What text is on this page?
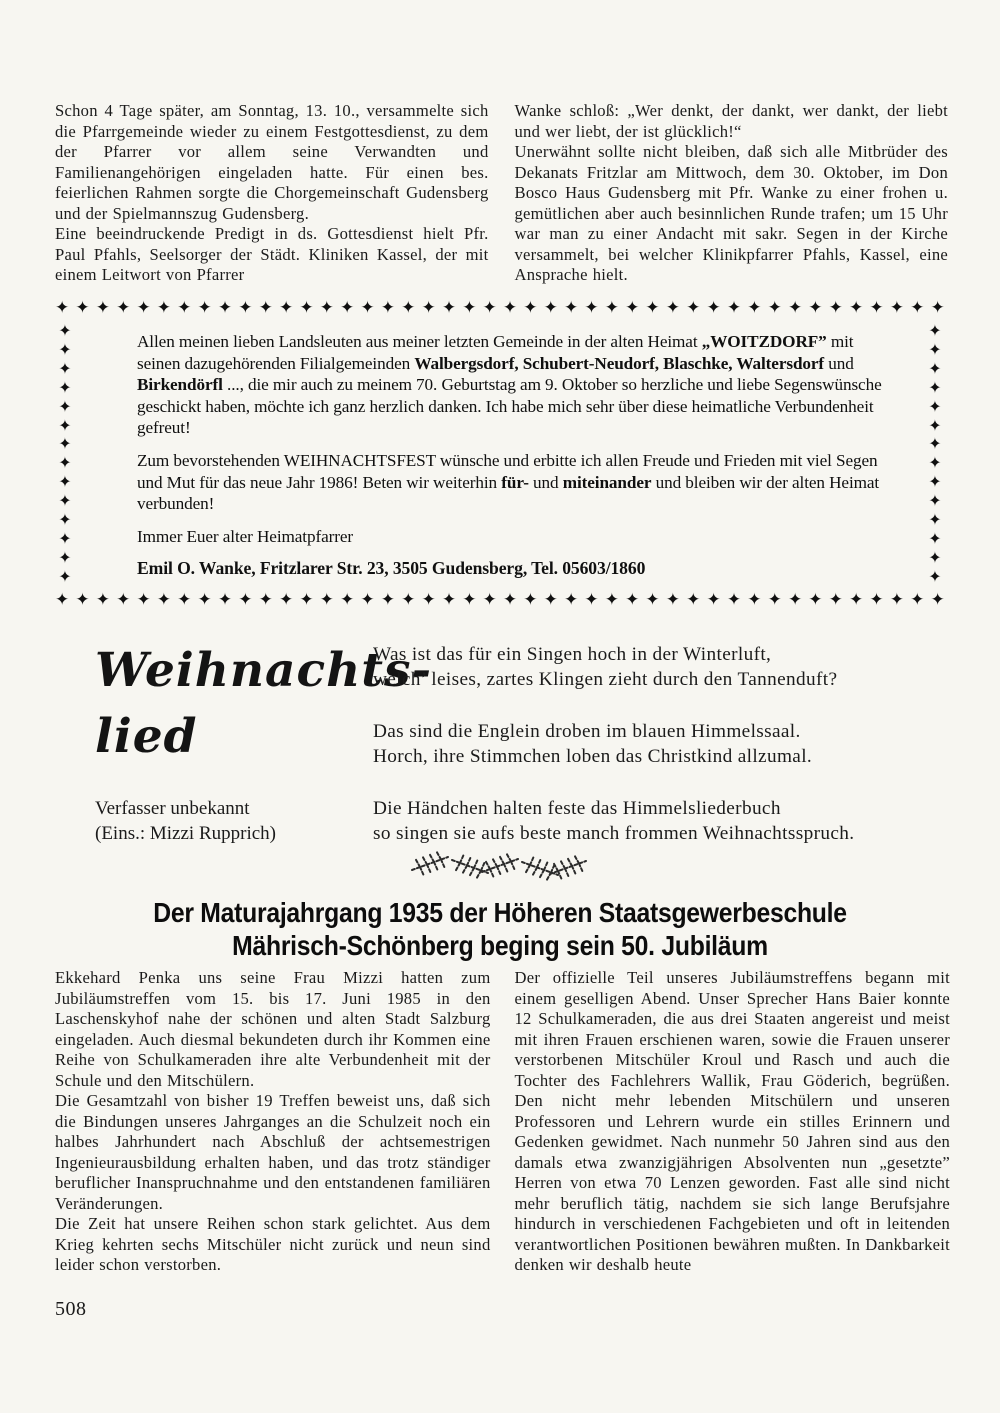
Schon 4 Tage später, am Sonntag, 13. 10., versammelte sich die Pfarrgemeinde wieder zu einem Festgottesdienst, zu dem der Pfarrer vor allem seine Verwandten und Familienangehörigen eingeladen hatte. Für einen bes. feierlichen Rahmen sorgte die Chorgemeinschaft Gudensberg und der Spielmannszug Gudensberg.

Eine beeindruckende Predigt in ds. Gottesdienst hielt Pfr. Paul Pfahls, Seelsorger der Städt. Kliniken Kassel, der mit einem Leitwort von Pfarrer

Wanke schloß: „Wer denkt, der dankt, wer dankt, der liebt und wer liebt, der ist glücklich!“

Unerwähnt sollte nicht bleiben, daß sich alle Mitbrüder des Dekanats Fritzlar am Mittwoch, dem 30. Oktober, im Don Bosco Haus Gudensberg mit Pfr. Wanke zu einer frohen u. gemütlichen aber auch besinnlichen Runde trafen; um 15 Uhr war man zu einer Andacht mit sakr. Segen in der Kirche versammelt, bei welcher Klinikpfarrer Pfahls, Kassel, eine Ansprache hielt.

✦ ✦ ✦ ✦ ✦ ✦ ✦ ✦ ✦ ✦ ✦ ✦ ✦ ✦ ✦ ✦ ✦ ✦ ✦ ✦ ✦ ✦ ✦ ✦ ✦ ✦ ✦ ✦ ✦ ✦ ✦ ✦ ✦ ✦ ✦ ✦ ✦ ✦ ✦ ✦ ✦ ✦ ✦ ✦
✦
✦
✦
✦
✦
✦
✦
✦
✦
✦
✦
✦
✦
✦

Allen meinen lieben Landsleuten aus meiner letzten Gemeinde in der alten Heimat „WOITZDORF” mit seinen dazugehörenden Filialgemeinden Walbergsdorf, Schubert-Neudorf, Blaschke, Waltersdorf und Birkendörfl ..., die mir auch zu meinem 70. Geburtstag am 9. Oktober so herzliche und liebe Segenswünsche geschickt haben, möchte ich ganz herzlich danken. Ich habe mich sehr über diese heimatliche Verbundenheit gefreut!

Zum bevorstehenden WEIHNACHTSFEST wünsche und erbitte ich allen Freude und Frieden mit viel Segen und Mut für das neue Jahr 1986! Beten wir weiterhin für- und miteinander und bleiben wir der alten Heimat verbunden!

Immer Euer alter Heimatpfarrer

Emil O. Wanke, Fritzlarer Str. 23, 3505 Gudensberg, Tel. 05603/1860

✦
✦
✦
✦
✦
✦
✦
✦
✦
✦
✦
✦
✦
✦
✦ ✦ ✦ ✦ ✦ ✦ ✦ ✦ ✦ ✦ ✦ ✦ ✦ ✦ ✦ ✦ ✦ ✦ ✦ ✦ ✦ ✦ ✦ ✦ ✦ ✦ ✦ ✦ ✦ ✦ ✦ ✦ ✦ ✦ ✦ ✦ ✦ ✦ ✦ ✦ ✦ ✦ ✦ ✦
Weihnachts-
lied
Verfasser unbekannt
(Eins.: Mizzi Rupprich)
Was ist das für ein Singen hoch in der Winterluft,
welch’ leises, zartes Klingen zieht durch den Tannenduft?
Das sind die Englein droben im blauen Himmelssaal.
Horch, ihre Stimmchen loben das Christkind allzumal.
Die Händchen halten feste das Himmelsliederbuch
so singen sie aufs beste manch frommen Weihnachtsspruch.
Der Maturajahrgang 1935 der Höheren Staatsgewerbeschule
Mährisch-Schönberg beging sein 50. Jubiläum

Ekkehard Penka uns seine Frau Mizzi hatten zum Jubiläumstreffen vom 15. bis 17. Juni 1985 in den Laschenskyhof nahe der schönen und alten Stadt Salzburg eingeladen. Auch diesmal bekundeten durch ihr Kommen eine Reihe von Schulkameraden ihre alte Verbundenheit mit der Schule und den Mitschülern.

Die Gesamtzahl von bisher 19 Treffen beweist uns, daß sich die Bindungen unseres Jahrganges an die Schulzeit noch ein halbes Jahrhundert nach Abschluß der achtsemestrigen Ingenieurausbildung erhalten haben, und das trotz ständiger beruflicher Inanspruchnahme und den entstandenen familiären Veränderungen.

Die Zeit hat unsere Reihen schon stark gelichtet. Aus dem Krieg kehrten sechs Mitschüler nicht zurück und neun sind leider schon verstorben.

Der offizielle Teil unseres Jubiläumstreffens begann mit einem geselligen Abend. Unser Sprecher Hans Baier konnte 12 Schulkameraden, die aus drei Staaten angereist und meist mit ihren Frauen erschienen waren, sowie die Frauen unserer verstorbenen Mitschüler Kroul und Rasch und auch die Tochter des Fachlehrers Wallik, Frau Göderich, begrüßen. Den nicht mehr lebenden Mitschülern und unseren Professoren und Lehrern wurde ein stilles Erinnern und Gedenken gewidmet. Nach nunmehr 50 Jahren sind aus den damals etwa zwanzigjährigen Absolventen nun „gesetzte” Herren von etwa 70 Lenzen geworden. Fast alle sind nicht mehr beruflich tätig, nachdem sie sich lange Berufsjahre hindurch in verschiedenen Fachgebieten und oft in leitenden verantwortlichen Positionen bewähren mußten. In Dankbarkeit denken wir deshalb heute

508
